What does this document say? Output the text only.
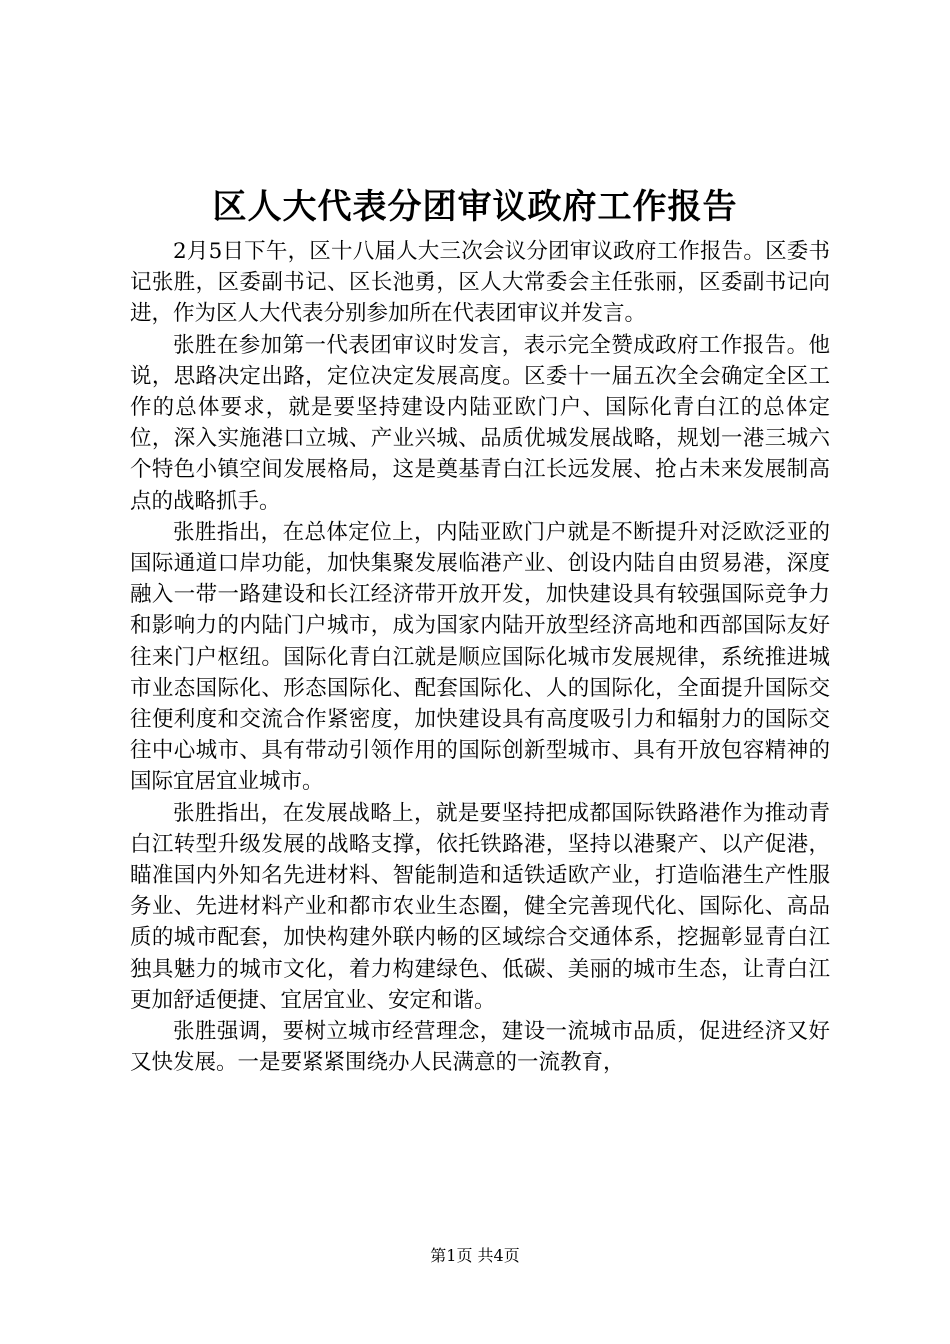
区人大代表分团审议政府工作报告

2月5日下午，区十八届人大三次会议分团审议政府工作报告。区委书记张胜，区委副书记、区长池勇，区人大常委会主任张丽，区委副书记向进，作为区人大代表分别参加所在代表团审议并发言。

张胜在参加第一代表团审议时发言，表示完全赞成政府工作报告。他说，思路决定出路，定位决定发展高度。区委十一届五次全会确定全区工作的总体要求，就是要坚持建设内陆亚欧门户、国际化青白江的总体定位，深入实施港口立城、产业兴城、品质优城发展战略，规划一港三城六个特色小镇空间发展格局，这是奠基青白江长远发展、抢占未来发展制高点的战略抓手。

张胜指出，在总体定位上，内陆亚欧门户就是不断提升对泛欧泛亚的国际通道口岸功能，加快集聚发展临港产业、创设内陆自由贸易港，深度融入一带一路建设和长江经济带开放开发，加快建设具有较强国际竞争力和影响力的内陆门户城市，成为国家内陆开放型经济高地和西部国际友好往来门户枢纽。国际化青白江就是顺应国际化城市发展规律，系统推进城市业态国际化、形态国际化、配套国际化、人的国际化，全面提升国际交往便利度和交流合作紧密度，加快建设具有高度吸引力和辐射力的国际交往中心城市、具有带动引领作用的国际创新型城市、具有开放包容精神的国际宜居宜业城市。

张胜指出，在发展战略上，就是要坚持把成都国际铁路港作为推动青白江转型升级发展的战略支撑，依托铁路港，坚持以港聚产、以产促港，瞄准国内外知名先进材料、智能制造和适铁适欧产业，打造临港生产性服务业、先进材料产业和都市农业生态圈，健全完善现代化、国际化、高品质的城市配套，加快构建外联内畅的区域综合交通体系，挖掘彰显青白江独具魅力的城市文化，着力构建绿色、低碳、美丽的城市生态，让青白江更加舒适便捷、宜居宜业、安定和谐。

张胜强调，要树立城市经营理念，建设一流城市品质，促进经济又好又快发展。一是要紧紧围绕办人民满意的一流教育，

第1页 共4页
